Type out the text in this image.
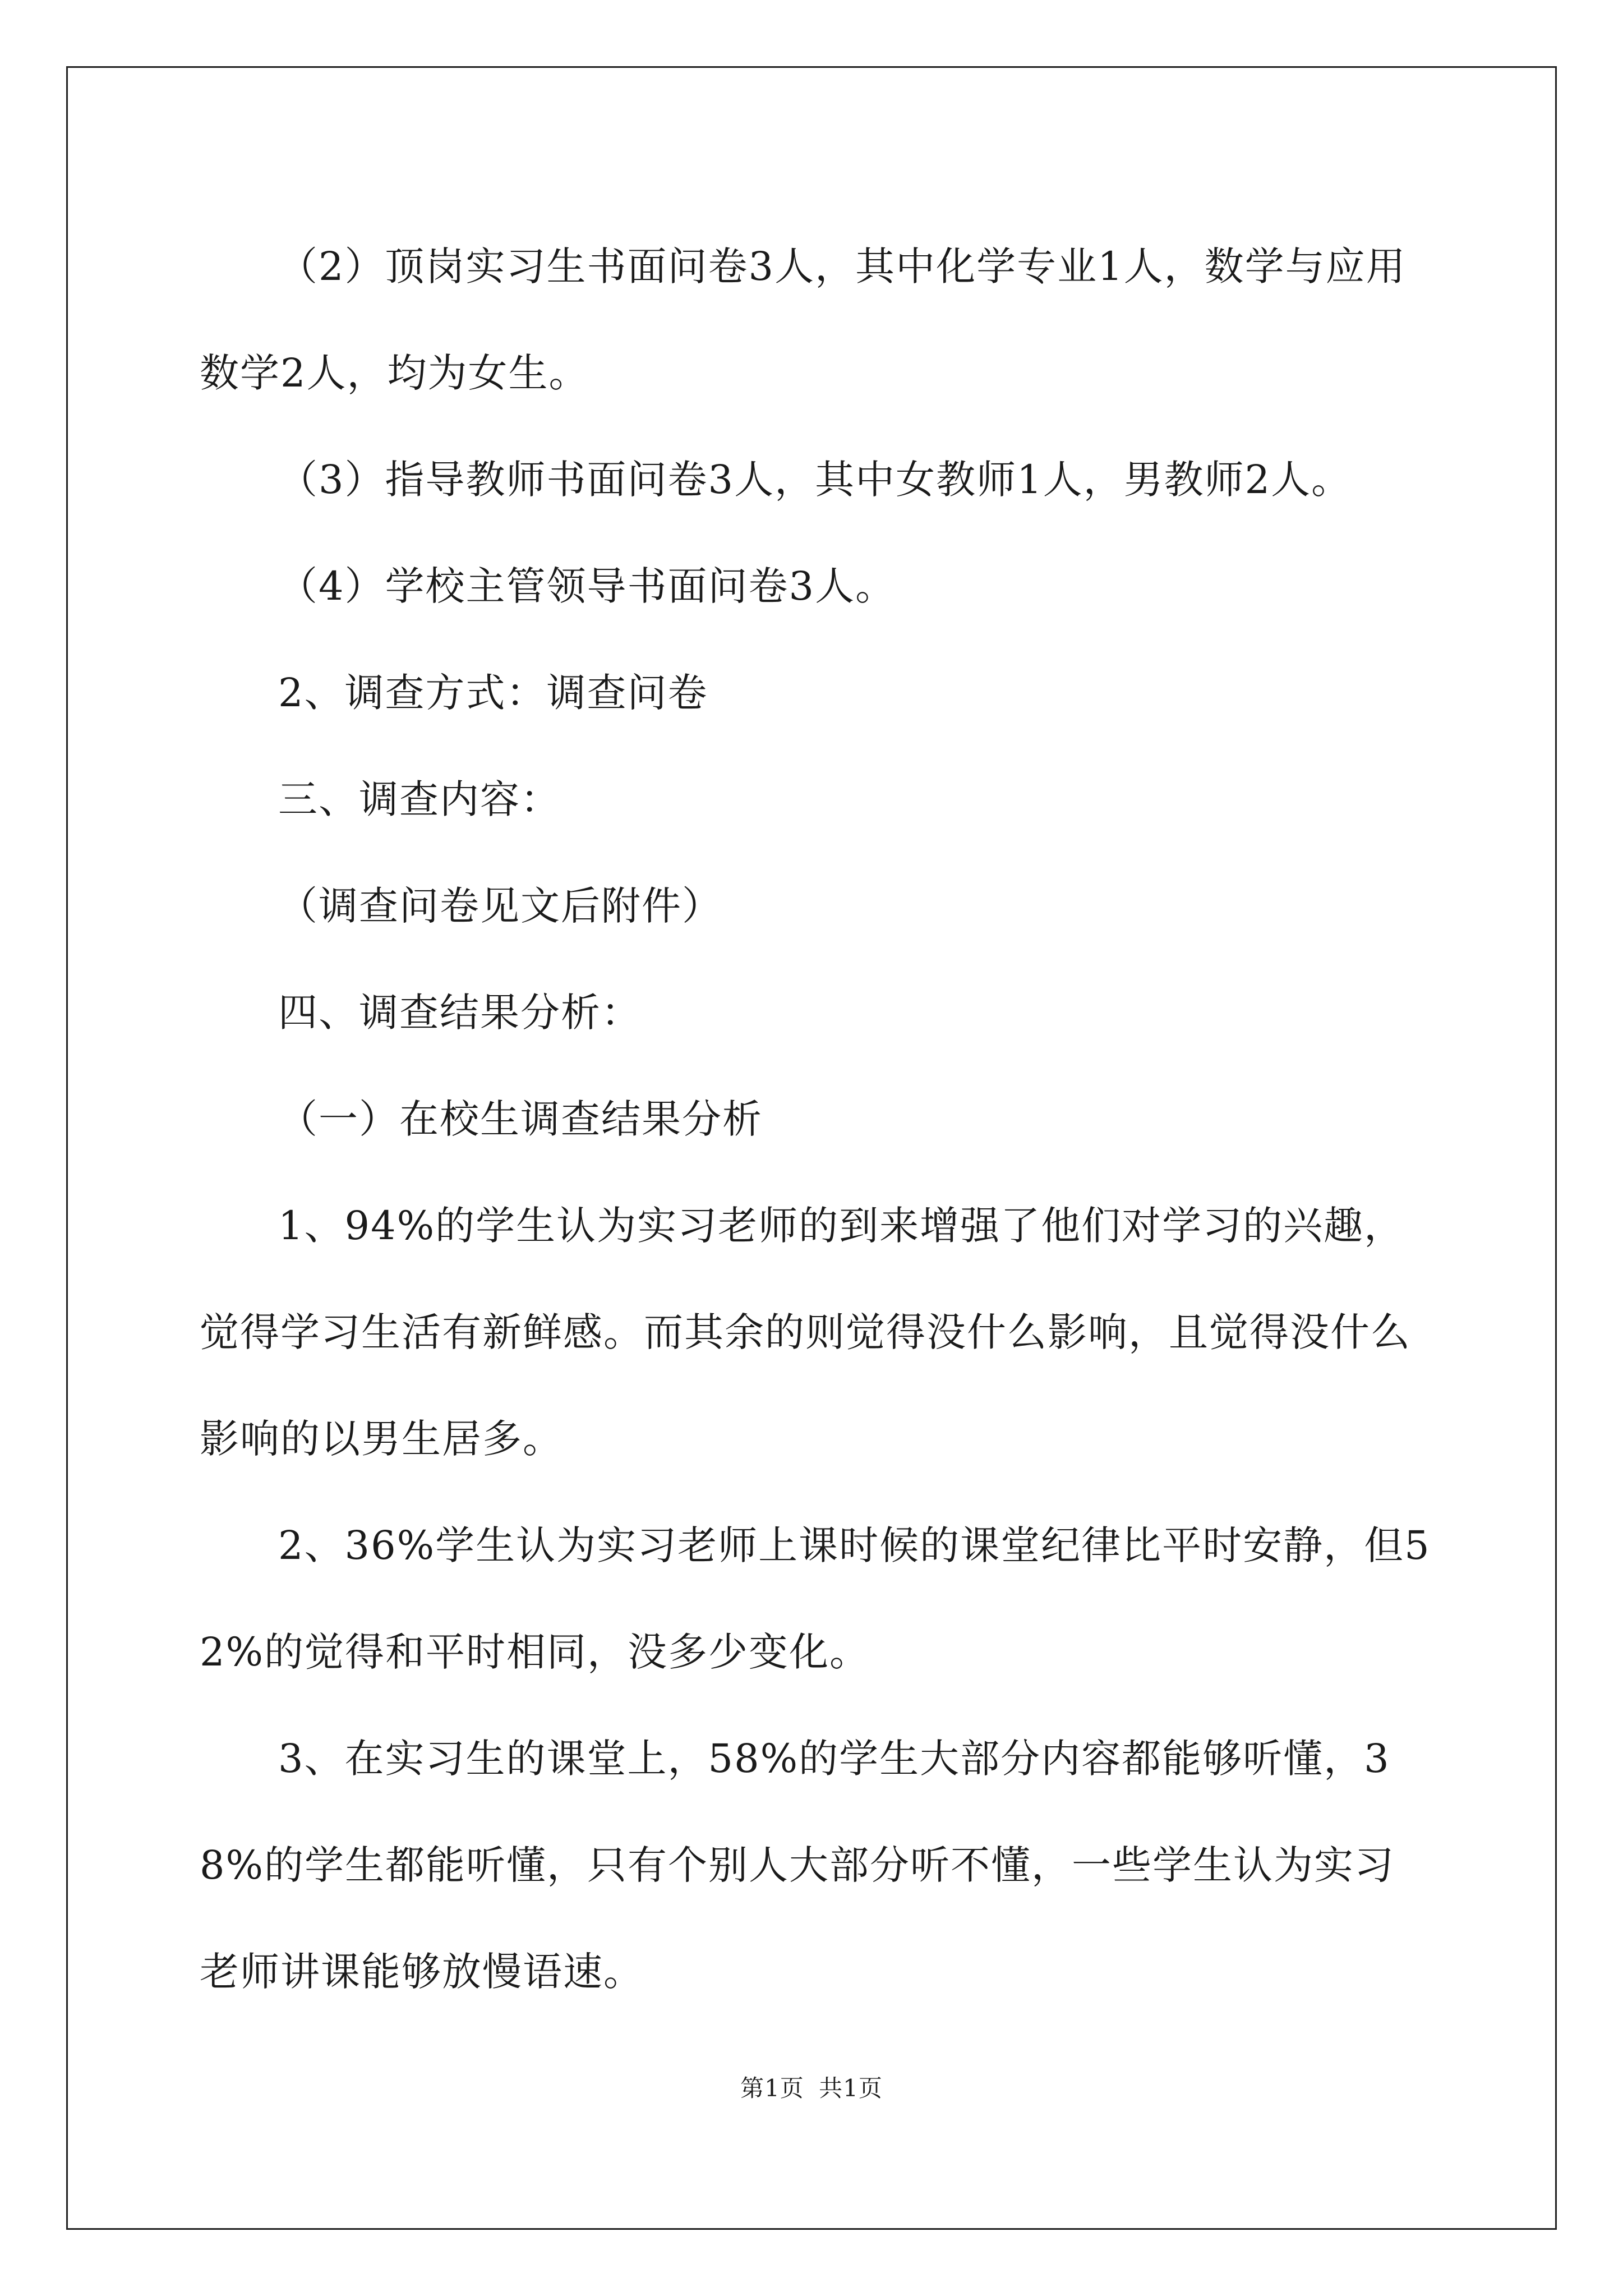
（2）顶岗实习生书面问卷3人，其中化学专业1人，数学与应用数学2人，均为女生。

（3）指导教师书面问卷3人，其中女教师1人，男教师2人。

（4）学校主管领导书面问卷3人。

2、调查方式：调查问卷

三、调查内容：

（调查问卷见文后附件）

四、调查结果分析：

（一）在校生调查结果分析

1、94%的学生认为实习老师的到来增强了他们对学习的兴趣，觉得学习生活有新鲜感。而其余的则觉得没什么影响，且觉得没什么影响的以男生居多。

2、36%学生认为实习老师上课时候的课堂纪律比平时安静，但52%的觉得和平时相同，没多少变化。

3、在实习生的课堂上，58%的学生大部分内容都能够听懂，38%的学生都能听懂，只有个别人大部分听不懂，一些学生认为实习老师讲课能够放慢语速。

第1页 共1页
